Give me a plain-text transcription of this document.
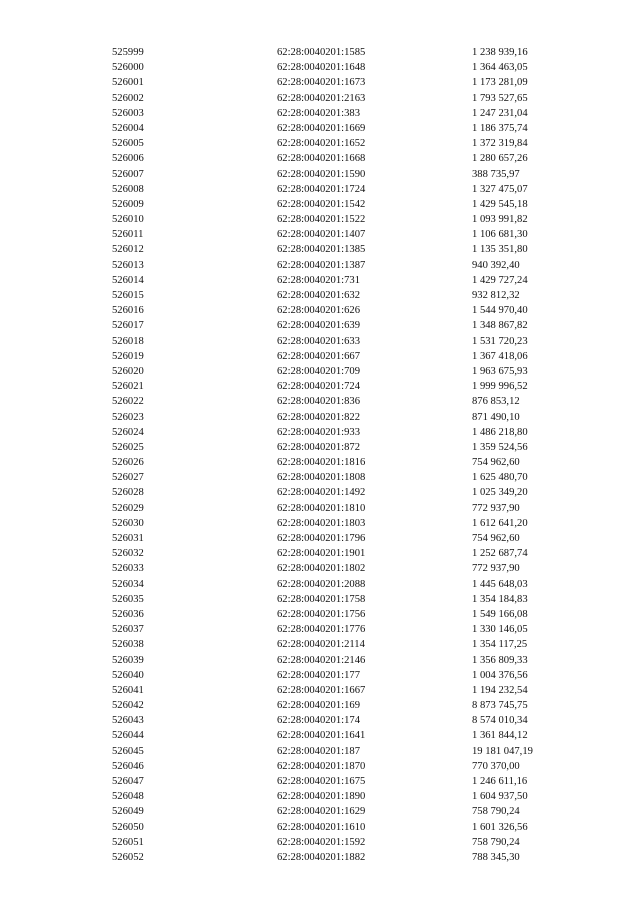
525999	62:28:0040201:1585	1 238 939,16
526000	62:28:0040201:1648	1 364 463,05
526001	62:28:0040201:1673	1 173 281,09
526002	62:28:0040201:2163	1 793 527,65
526003	62:28:0040201:383	1 247 231,04
526004	62:28:0040201:1669	1 186 375,74
526005	62:28:0040201:1652	1 372 319,84
526006	62:28:0040201:1668	1 280 657,26
526007	62:28:0040201:1590	388 735,97
526008	62:28:0040201:1724	1 327 475,07
526009	62:28:0040201:1542	1 429 545,18
526010	62:28:0040201:1522	1 093 991,82
526011	62:28:0040201:1407	1 106 681,30
526012	62:28:0040201:1385	1 135 351,80
526013	62:28:0040201:1387	940 392,40
526014	62:28:0040201:731	1 429 727,24
526015	62:28:0040201:632	932 812,32
526016	62:28:0040201:626	1 544 970,40
526017	62:28:0040201:639	1 348 867,82
526018	62:28:0040201:633	1 531 720,23
526019	62:28:0040201:667	1 367 418,06
526020	62:28:0040201:709	1 963 675,93
526021	62:28:0040201:724	1 999 996,52
526022	62:28:0040201:836	876 853,12
526023	62:28:0040201:822	871 490,10
526024	62:28:0040201:933	1 486 218,80
526025	62:28:0040201:872	1 359 524,56
526026	62:28:0040201:1816	754 962,60
526027	62:28:0040201:1808	1 625 480,70
526028	62:28:0040201:1492	1 025 349,20
526029	62:28:0040201:1810	772 937,90
526030	62:28:0040201:1803	1 612 641,20
526031	62:28:0040201:1796	754 962,60
526032	62:28:0040201:1901	1 252 687,74
526033	62:28:0040201:1802	772 937,90
526034	62:28:0040201:2088	1 445 648,03
526035	62:28:0040201:1758	1 354 184,83
526036	62:28:0040201:1756	1 549 166,08
526037	62:28:0040201:1776	1 330 146,05
526038	62:28:0040201:2114	1 354 117,25
526039	62:28:0040201:2146	1 356 809,33
526040	62:28:0040201:177	1 004 376,56
526041	62:28:0040201:1667	1 194 232,54
526042	62:28:0040201:169	8 873 745,75
526043	62:28:0040201:174	8 574 010,34
526044	62:28:0040201:1641	1 361 844,12
526045	62:28:0040201:187	19 181 047,19
526046	62:28:0040201:1870	770 370,00
526047	62:28:0040201:1675	1 246 611,16
526048	62:28:0040201:1890	1 604 937,50
526049	62:28:0040201:1629	758 790,24
526050	62:28:0040201:1610	1 601 326,56
526051	62:28:0040201:1592	758 790,24
526052	62:28:0040201:1882	788 345,30
